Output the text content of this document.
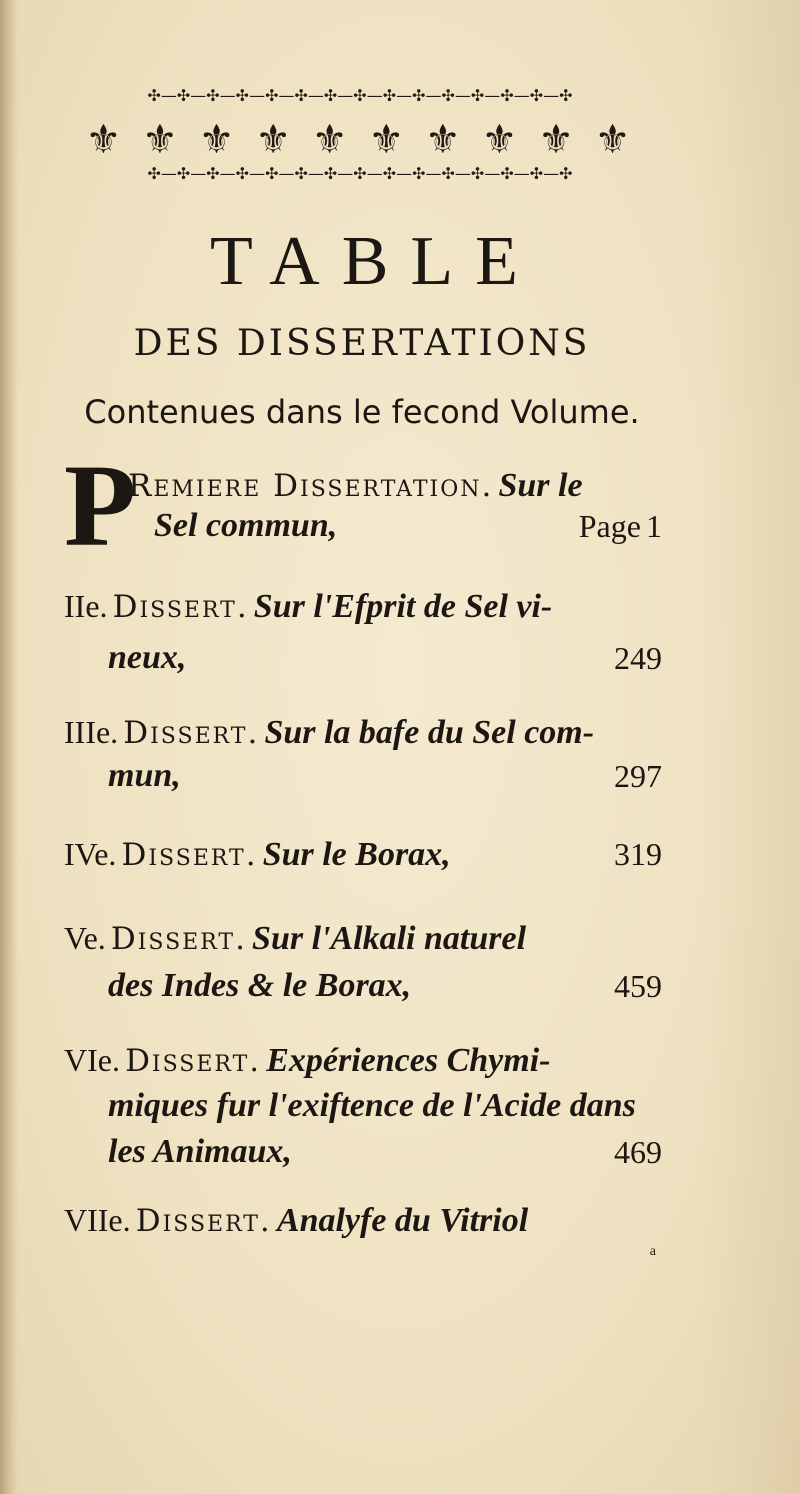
✣—✣—✣—✣—✣—✣—✣—✣—✣—✣—✣—✣—✣—✣—✣
⚜ ⚜ ⚜ ⚜ ⚜ ⚜ ⚜ ⚜ ⚜ ⚜
✣—✣—✣—✣—✣—✣—✣—✣—✣—✣—✣—✣—✣—✣—✣
TABLE
DES DISSERTATIONS
Contenues dans le fecond Volume.
P
Remiere Dissertation. Sur le
Sel commun,	Page 1
IIe. Dissert. Sur l'Efprit de Sel vi-
neux,	249
IIIe. Dissert. Sur la bafe du Sel com-
mun,	297
IVe. Dissert. Sur le Borax,	319
Ve. Dissert. Sur l'Alkali naturel
des Indes & le Borax,	459
VIe. Dissert. Expériences Chymi-
miques fur l'exiftence de l'Acide dans
les Animaux,	469
VIIe. Dissert. Analyfe du Vitriol
a
